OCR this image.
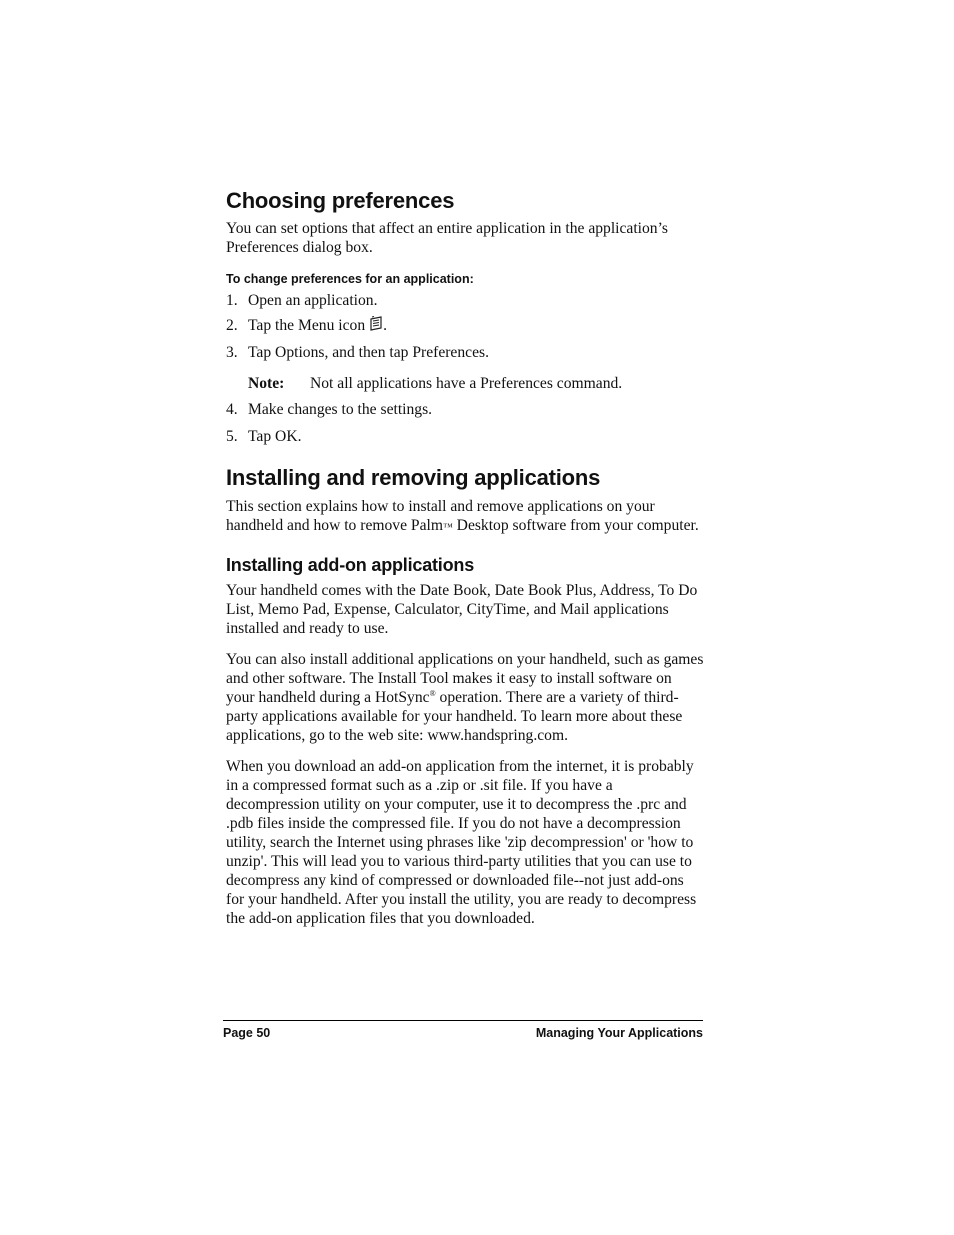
Choosing preferences

You can set options that affect an entire application in the application’s Preferences dialog box.

To change preferences for an application:
1. Open an application.
2. Tap the Menu icon .
3. Tap Options, and then tap Preferences.
Note:	Not all applications have a Preferences command.
4. Make changes to the settings.
5. Tap OK.
Installing and removing applications

This section explains how to install and remove applications on your handheld and how to remove Palm™ Desktop software from your computer.

Installing add-on applications

Your handheld comes with the Date Book, Date Book Plus, Address, To Do List, Memo Pad, Expense, Calculator, CityTime, and Mail applications installed and ready to use.

You can also install additional applications on your handheld, such as games and other software. The Install Tool makes it easy to install software on your handheld during a HotSync® operation. There are a variety of third-party applications available for your handheld. To learn more about these applications, go to the web site: www.handspring.com.

When you download an add-on application from the internet, it is probably in a compressed format such as a .zip or .sit file. If you have a decompression utility on your computer, use it to decompress the .prc and .pdb files inside the compressed file. If you do not have a decompression utility, search the Internet using phrases like 'zip decompression' or 'how to unzip'. This will lead you to various third-party utilities that you can use to decompress any kind of compressed or downloaded file--not just add-ons for your handheld. After you install the utility, you are ready to decompress the add-on application files that you downloaded.

Page 50	Managing Your Applications
